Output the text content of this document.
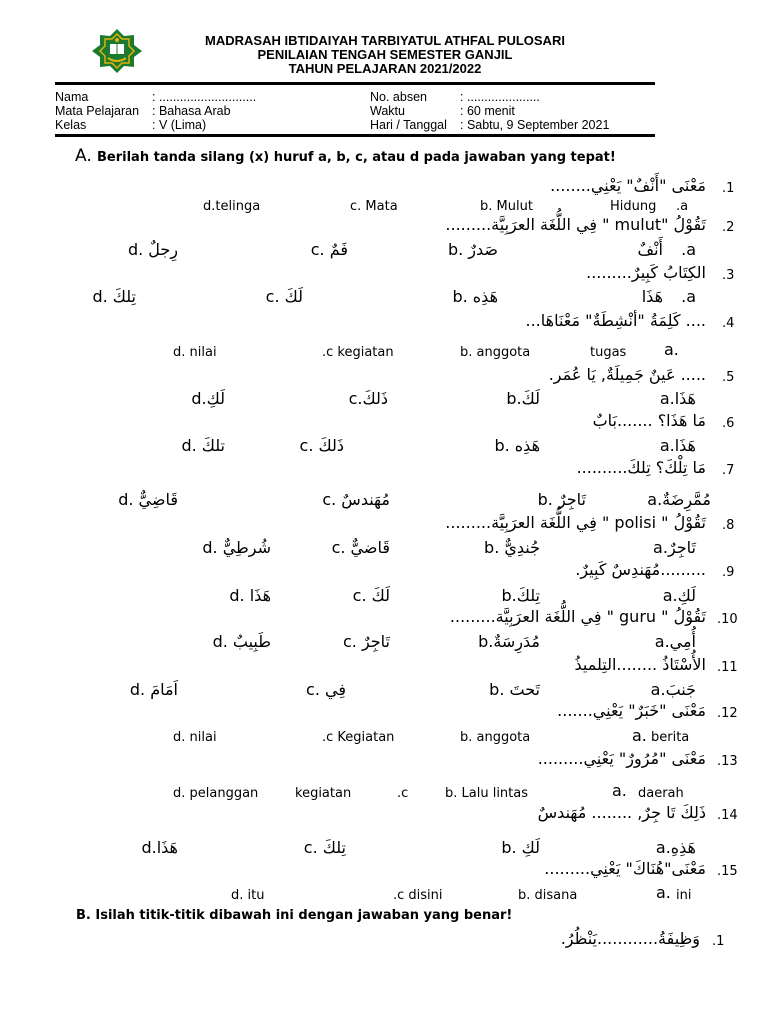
MADRASAH IBTIDAIYAH TARBIYATUL ATHFAL PULOSARI
PENILAIAN TENGAH SEMESTER GANJIL
TAHUN PELAJARAN 2021/2022
Nama	: ............................
Mata Pelajaran : Bahasa Arab
Kelas	: V (Lima)
No. absen	: .....................
Waktu	: 60 menit
Hari / Tanggal : Sabtu, 9 September 2021
A. Berilah tanda silang (x) huruf a, b, c, atau d pada jawaban yang tepat!
.1
مَعْنَى "أَنْفٌ" يَعْنِي........
.a
Hidung
b. Mulut
c. Mata
d.telinga
.2
تَقُوْلُ "mulut " فِي اللُّغَة العرَبِيَّة.........
.a
أَنْفٌ
صَدرٌ .b
فَمٌ .c
رِجلٌ .d
.3
الكِتَابُ كَبِيرٌ.........
.a
هَذَا
هَذِه .b
لَكَ .c
تِلكَ .d
.4
.... كَلِمَةُ "أنْشِطَةٌ" مَعْنَاهَا...
a.
tugas
b. anggota
.c kegiatan
d. nilai
.5
..... عَينٌ جَمِيلَةٌ, يَا عُمَر.
هَذَا.a
لَكَ.b
ذَلكَ.c
لَكِ.d
.6
مَا هَذَا؟ .......بَابٌ
هَذَا.a
هَذِه .b
ذَلكَ .c
تلكَ .d
.7
مَا تِلْكَ؟ تِلكَ..........
مُمَّرِضَةٌ.a
تَاجِرٌ .b
مُهَندسٌ .c
قَاضِيٌّ .d
.8
تَقُوْلُ " polisi " فِي اللُّغَة العرَبِيَّة.........
تَاجِرٌ.a
جُندِيٌّ .b
قَاضيٌّ .c
شُرطِيٌّ .d
.9
.........مُهَندِسٌ كَبِيرٌ.
لَكِ.a
تِلكَ.b
لَكَ .c
هَذَا .d
.10
تَقُوْلُ " guru " فِي اللُّغَة العرَبِيَّة.........
أُمِي.a
مُدَرِسَةٌ.b
تَاجِرٌ .c
طَبِيبٌ .d
.11
الأُسْتَاذُ ........التِلميذُ
جَنبَ.a
تَحتَ .b
فِي .c
اَمَامَ .d
.12
مَعْنَى "خَبَرٌ" يَعْنِي.......
a. berita
b. anggota
.c Kegiatan
d. nilai
.13
مَعْنَى "مُرُورٌ" يَعْنِي.........
a. daerah
b. Lalu lintas
.c
kegiatan
d. pelanggan
.14
ذَلِكَ تَا جِرٌ, ........ مُهَندسٌ
هَذِهِ.a
لَكِ .b
تِلكَ .c
هَذَا.d
.15
مَعْنَى"هُنَاكَ" يَعْنِي.........
a. ini
b. disana
.c disini
d. itu
B. Isilah titik-titik dibawah ini dengan jawaban yang benar!
.1
وَظِيفَةُ............يَنْظُرُ.
